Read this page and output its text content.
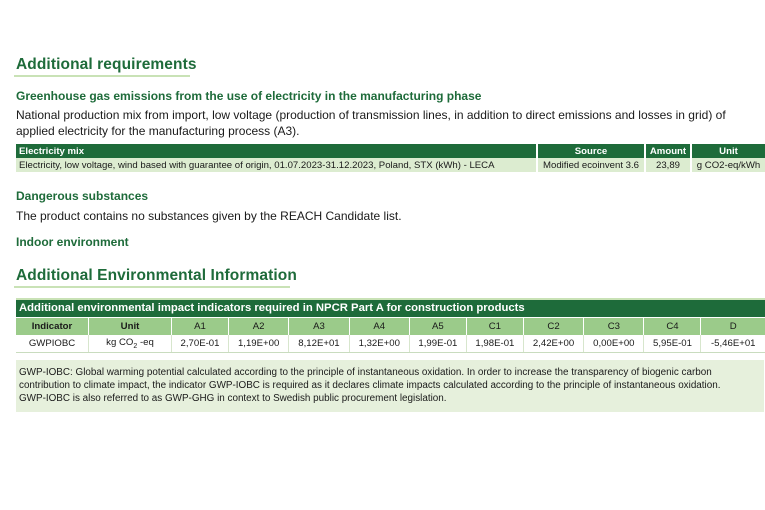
Additional requirements
Greenhouse gas emissions from the use of electricity in the manufacturing phase
National production mix from import, low voltage (production of transmission lines, in addition to direct emissions and losses in grid) of applied electricity for the manufacturing process (A3).
Electricity mix	Source	Amount	Unit
Electricity, low voltage, wind based with guarantee of origin, 01.07.2023-31.12.2023, Poland, STX (kWh) - LECA	Modified ecoinvent 3.6	23,89	g CO2-eq/kWh
Dangerous substances
The product contains no substances given by the REACH Candidate list.
Indoor environment
Additional Environmental Information
Additional environmental impact indicators required in NPCR Part A for construction products
Indicator	Unit	A1	A2	A3	A4	A5	C1	C2	C3	C4	D
GWPIOBC	kg $CO_2$ -eq	2,70E-01	1,19E+00	8,12E+01	1,32E+00	1,99E-01	1,98E-01	2,42E+00	0,00E+00	5,95E-01	-5,46E+01
GWP-IOBC: Global warming potential calculated according to the principle of instantaneous oxidation. In order to increase the transparency of biogenic carbon
contribution to climate impact, the indicator GWP-IOBC is required as it declares climate impacts calculated according to the principle of instantaneous oxidation.
GWP-IOBC is also referred to as GWP-GHG in context to Swedish public procurement legislation.
